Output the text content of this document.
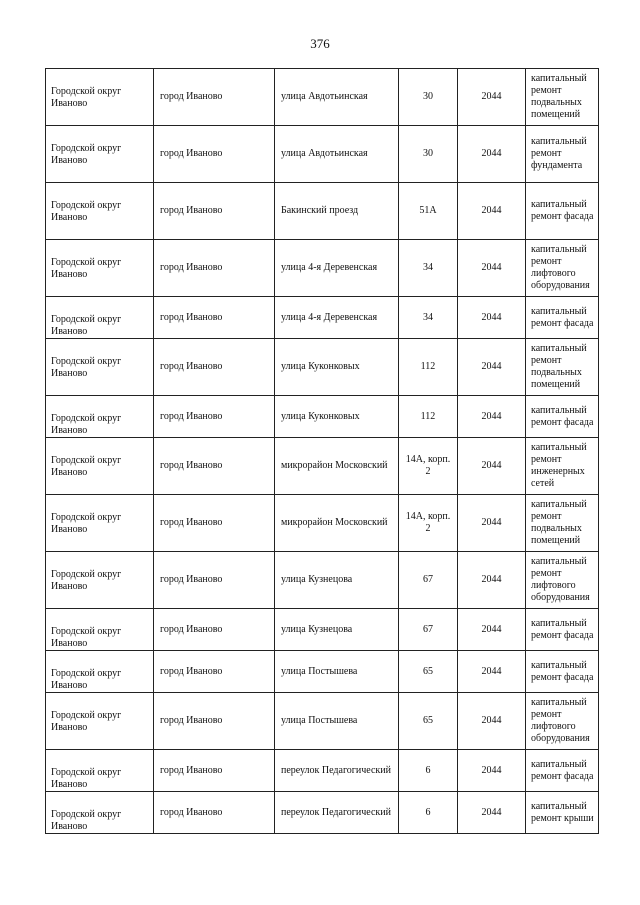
376
Городской округ Иваново	город Иваново	улица Авдотьинская	30	2044	капитальный ремонт подвальных помещений
Городской округ Иваново	город Иваново	улица Авдотьинская	30	2044	капитальный ремонт фундамента
Городской округ Иваново	город Иваново	Бакинский проезд	51А	2044	капитальный ремонт фасада
Городской округ Иваново	город Иваново	улица 4-я Деревенская	34	2044	капитальный ремонт лифтового оборудования
Городской округ Иваново	город Иваново	улица 4-я Деревенская	34	2044	капитальный ремонт фасада
Городской округ Иваново	город Иваново	улица Куконковых	112	2044	капитальный ремонт подвальных помещений
Городской округ Иваново	город Иваново	улица Куконковых	112	2044	капитальный ремонт фасада
Городской округ Иваново	город Иваново	микрорайон Московский	14А, корп. 2	2044	капитальный ремонт инженерных сетей
Городской округ Иваново	город Иваново	микрорайон Московский	14А, корп. 2	2044	капитальный ремонт подвальных помещений
Городской округ Иваново	город Иваново	улица Кузнецова	67	2044	капитальный ремонт лифтового оборудования
Городской округ Иваново	город Иваново	улица Кузнецова	67	2044	капитальный ремонт фасада
Городской округ Иваново	город Иваново	улица Постышева	65	2044	капитальный ремонт фасада
Городской округ Иваново	город Иваново	улица Постышева	65	2044	капитальный ремонт лифтового оборудования
Городской округ Иваново	город Иваново	переулок Педагогический	6	2044	капитальный ремонт фасада
Городской округ Иваново	город Иваново	переулок Педагогический	6	2044	капитальный ремонт крыши
